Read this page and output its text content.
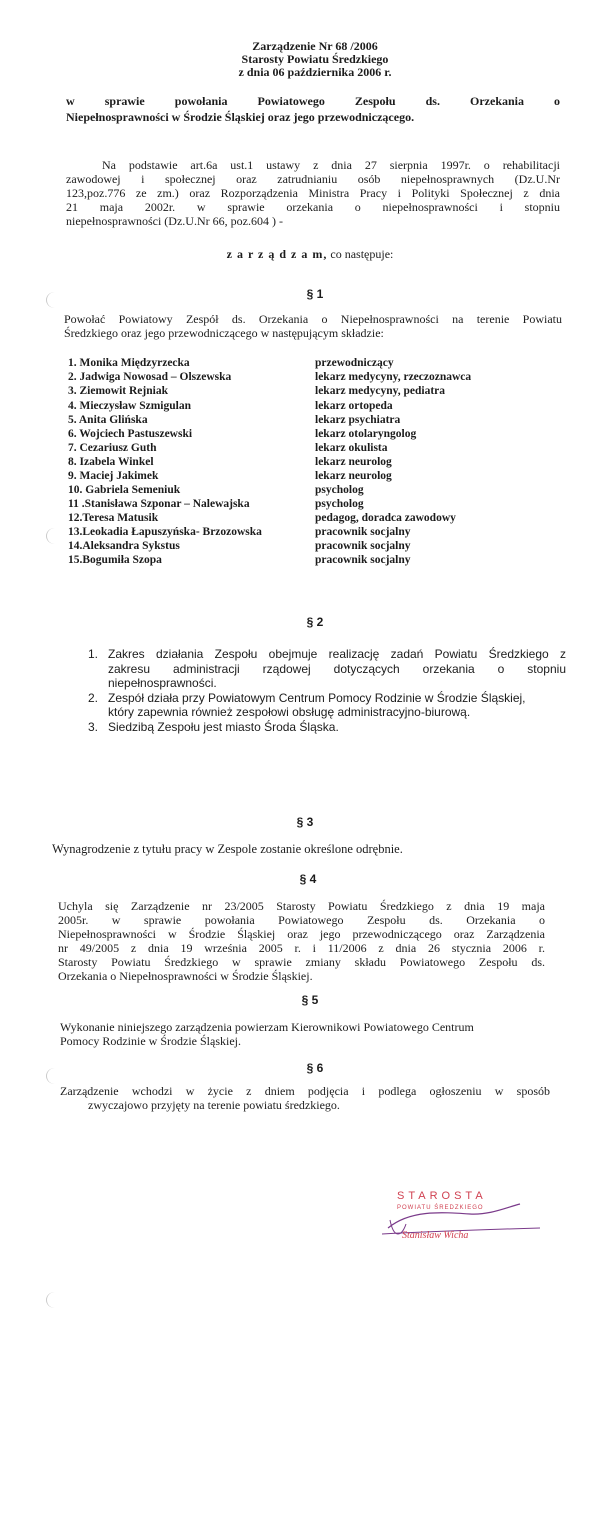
Zarządzenie Nr 68 /2006
Starosty Powiatu Średzkiego
z dnia 06 października 2006 r.
w	sprawie	powołania	Powiatowego	Zespołu	ds.	Orzekania	o
Niepełnosprawności w Środzie Śląskiej oraz jego przewodniczącego.
Na podstawie art.6a ust.1 ustawy z dnia 27 sierpnia 1997r. o rehabilitacji
zawodowej i społecznej oraz zatrudnianiu osób niepełnosprawnych (Dz.U.Nr
123,poz.776 ze zm.) oraz Rozporządzenia Ministra Pracy i Polityki Społecznej z dnia
21 maja 2002r. w sprawie orzekania o niepełnosprawności i stopniu
niepełnosprawności (Dz.U.Nr 66, poz.604 ) -
z a r z ą d z a m, co następuje:
§ 1
Powołać Powiatowy Zespół ds. Orzekania o Niepełnosprawności na terenie Powiatu
Średzkiego oraz jego przewodniczącego w następującym składzie:
1. Monika Międzyrzecka	przewodniczący
2. Jadwiga Nowosad – Olszewska	lekarz medycyny, rzeczoznawca
3. Ziemowit Rejniak	lekarz medycyny, pediatra
4. Mieczysław Szmigulan	lekarz ortopeda
5. Anita Glińska	lekarz psychiatra
6. Wojciech Pastuszewski	lekarz otolaryngolog
7. Cezariusz Guth	lekarz okulista
8. Izabela Winkel	lekarz neurolog
9. Maciej Jakimek	lekarz neurolog
10. Gabriela Semeniuk	psycholog
11 .Stanisława Szponar – Nalewajska	psycholog
12.Teresa Matusik	pedagog, doradca zawodowy
13.Leokadia Łapuszyńska- Brzozowska	pracownik socjalny
14.Aleksandra Sykstus	pracownik socjalny
15.Bogumiła Szopa	pracownik socjalny
§ 2
1. Zakres działania Zespołu obejmuje realizację zadań Powiatu Średzkiego z
zakresu administracji rządowej dotyczących orzekania o stopniu
niepełnosprawności.
2. Zespół działa przy Powiatowym Centrum Pomocy Rodzinie w Środzie Śląskiej,
który zapewnia również zespołowi obsługę administracyjno-biurową.
3. Siedzibą Zespołu jest miasto Środa Śląska.
§ 3
Wynagrodzenie z tytułu pracy w Zespole zostanie określone odrębnie.
§ 4
Uchyla się Zarządzenie nr 23/2005 Starosty Powiatu Średzkiego z dnia 19 maja
2005r. w sprawie powołania Powiatowego Zespołu ds. Orzekania o
Niepełnosprawności w Środzie Śląskiej oraz jego przewodniczącego oraz Zarządzenia
nr 49/2005 z dnia 19 września 2005 r. i 11/2006 z dnia 26 stycznia 2006 r.
Starosty Powiatu Średzkiego w sprawie zmiany składu Powiatowego Zespołu ds.
Orzekania o Niepełnosprawności w Środzie Śląskiej.
§ 5
Wykonanie niniejszego zarządzenia powierzam Kierownikowi Powiatowego Centrum
Pomocy Rodzinie w Środzie Śląskiej.
§ 6
Zarządzenie wchodzi w życie z dniem podjęcia i podlega ogłoszeniu w sposób
zwyczajowo przyjęty na terenie powiatu średzkiego.
STAROSTA
POWIATU ŚREDZKIEGO
Stanisław Wicha
